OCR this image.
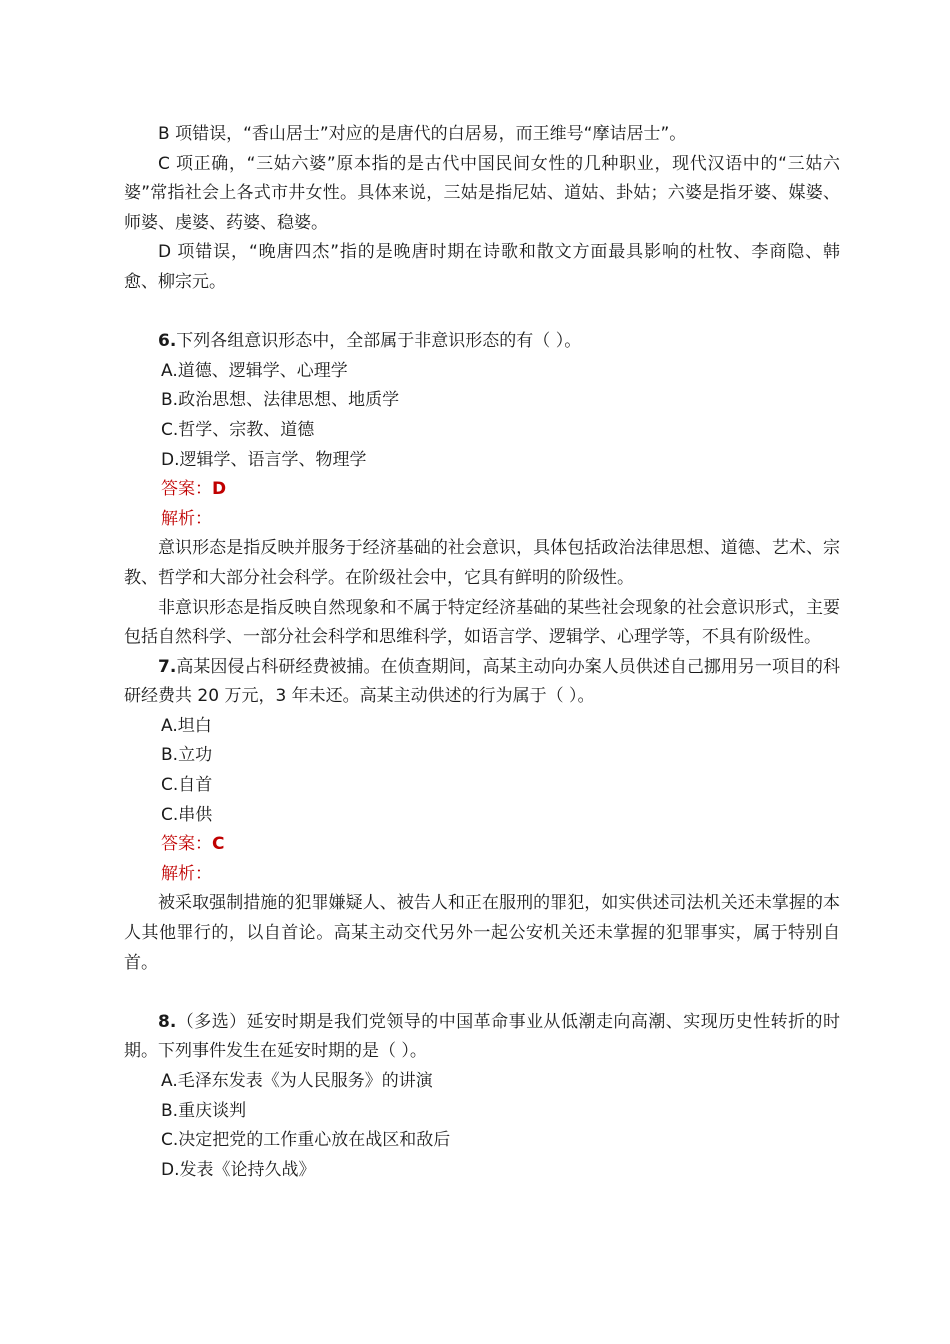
B 项错误，“香山居士”对应的是唐代的白居易，而王维号“摩诘居士”。

C 项正确，“三姑六婆”原本指的是古代中国民间女性的几种职业，现代汉语中的“三姑六婆”常指社会上各式市井女性。具体来说，三姑是指尼姑、道姑、卦姑；六婆是指牙婆、媒婆、师婆、虔婆、药婆、稳婆。

D 项错误，“晚唐四杰”指的是晚唐时期在诗歌和散文方面最具影响的杜牧、李商隐、韩愈、柳宗元。

6.下列各组意识形态中，全部属于非意识形态的有（ ）。

A.道德、逻辑学、心理学

B.政治思想、法律思想、地质学

C.哲学、宗教、道德

D.逻辑学、语言学、物理学

答案：D

解析：

意识形态是指反映并服务于经济基础的社会意识，具体包括政治法律思想、道德、艺术、宗教、哲学和大部分社会科学。在阶级社会中，它具有鲜明的阶级性。

非意识形态是指反映自然现象和不属于特定经济基础的某些社会现象的社会意识形式，主要包括自然科学、一部分社会科学和思维科学，如语言学、逻辑学、心理学等，不具有阶级性。

7.高某因侵占科研经费被捕。在侦查期间，高某主动向办案人员供述自己挪用另一项目的科研经费共 20 万元，3 年未还。高某主动供述的行为属于（ ）。

A.坦白

B.立功

C.自首

C.串供

答案：C

解析：

被采取强制措施的犯罪嫌疑人、被告人和正在服刑的罪犯，如实供述司法机关还未掌握的本人其他罪行的，以自首论。高某主动交代另外一起公安机关还未掌握的犯罪事实，属于特别自首。

8.（多选）延安时期是我们党领导的中国革命事业从低潮走向高潮、实现历史性转折的时期。下列事件发生在延安时期的是（ ）。

A.毛泽东发表《为人民服务》的讲演

B.重庆谈判

C.决定把党的工作重心放在战区和敌后

D.发表《论持久战》
